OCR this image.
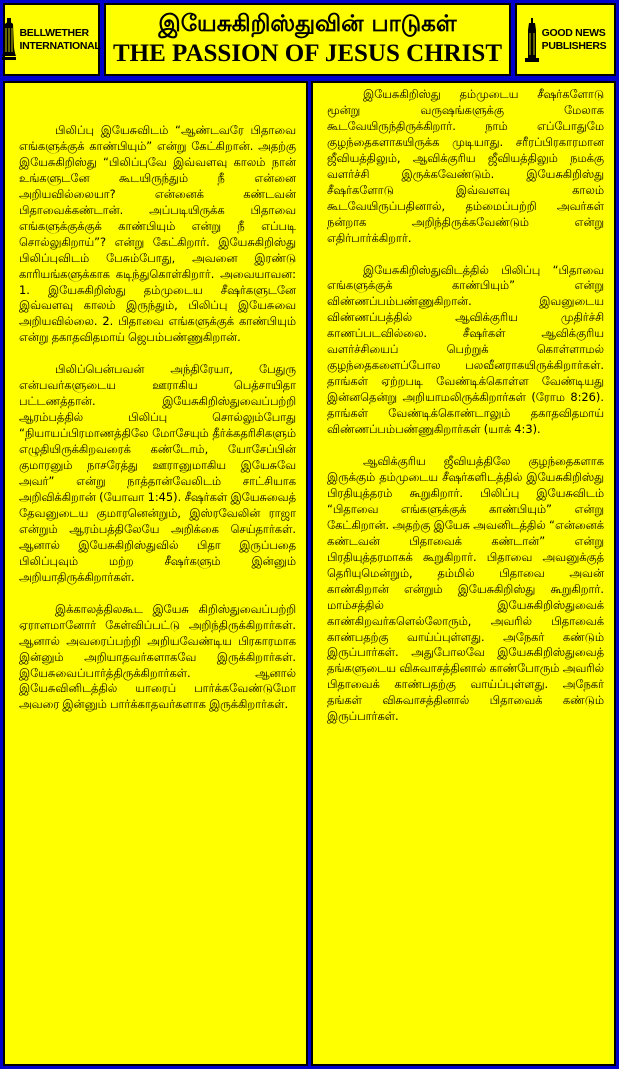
BELLWETHER
INTERNATIONAL
இயேசுகிறிஸ்துவின் பாடுகள்
THE PASSION OF JESUS CHRIST
GOOD NEWS
PUBLISHERS

பிலிப்பு இயேசுவிடம் “ஆண்டவரே பிதாவை எங்களுக்குக் காண்பியும்” என்று கேட்கிறான். அதற்கு இயேசுகிறிஸ்து “பிலிப்புவே இவ்வளவு காலம் நான் உங்களுடனே கூடயிருந்தும் நீ என்னை அறியவில்லையா? என்னைக் கண்டவன் பிதாவைக்கண்டான். அப்படியிருக்க பிதாவை எங்களுக்குக்குக் காண்பியும் என்று நீ எப்படி சொல்லுகிறாய்”? என்று கேட்கிறார். இயேசுகிறிஸ்து பிலிப்புவிடம் பேசும்போது, அவனை இரண்டு காரியங்களுக்காக கடிந்துகொள்கிறார். அவையாவன: 1. இயேசுகிறிஸ்து தம்முடைய சீஷர்களுடனே இவ்வளவு காலம் இருந்தும், பிலிப்பு இயேசுவை அறியவில்லை. 2. பிதாவை எங்களுக்குக் காண்பியும் என்று தகாதவிதமாய் ஜெபம்பண்ணுகிறான்.

பிலிப்பென்பவன் அந்திரேயா, பேதுரு என்பவர்களுடைய ஊராகிய பெத்சாயிதா பட்டணத்தான். இயேசுகிறிஸ்துவைப்பற்றி ஆரம்பத்தில் பிலிப்பு சொல்லும்போது “நியாயப்பிரமாணத்திலே மோசேயும் தீர்க்கதரிசிகளும் எழுதியிருக்கிறவரைக் கண்டோம், யோசேப்பின் குமாரனும் நாசரேத்து ஊரானுமாகிய இயேசுவே அவர்” என்று நாத்தான்வேலிடம் சாட்சியாக அறிவிக்கிறான் (யோவா 1:45). சீஷர்கள் இயேசுவைத் தேவனுடைய குமாரனென்றும், இஸ்ரவேலின் ராஜா என்றும் ஆரம்பத்திலேயே அறிக்கை செய்தார்கள். ஆனால் இயேசுகிறிஸ்துவில் பிதா இருப்பதை பிலிப்புவும் மற்ற சீஷர்களும் இன்னும் அறியாதிருக்கிறார்கள்.

இக்காலத்திலகூட இயேசு கிறிஸ்துவைப்பற்றி ஏராளமானோர் கேள்விப்பட்டு அறிந்திருக்கிறார்கள். ஆனால் அவரைப்பற்றி அறியவேண்டிய பிரகாரமாக இன்னும் அறியாதவர்களாகவே இருக்கிறார்கள். இயேசுவைப்பார்த்திருக்கிறார்கள். ஆனால் இயேசுவினிடத்தில் யாரைப் பார்க்கவேண்டுமோ அவரை இன்னும் பார்க்காதவர்களாக இருக்கிறார்கள்.

இயேசுகிறிஸ்து தம்முடைய சீஷர்களோடு மூன்று வருஷங்களுக்கு மேலாக கூடவேயிருந்திருக்கிறார். நாம் எப்போதுமே குழந்தைகளாகயிருக்க முடியாது. சரீரப்பிரகாரமான ஜீவியத்திலும், ஆவிக்குரிய ஜீவியத்திலும் நமக்கு வளர்ச்சி இருக்கவேண்டும். இயேசுகிறிஸ்து சீஷர்களோடு இவ்வளவு காலம் கூடவேயிருப்பதினால், தம்மைப்பற்றி அவர்கள் நன்றாக அறிந்திருக்கவேண்டும் என்று எதிர்பார்க்கிறார்.

இயேசுகிறிஸ்துவிடத்தில் பிலிப்பு “பிதாவை எங்களுக்குக் காண்பியும்” என்று விண்ணப்பம்பண்ணுகிறான். இவனுடைய விண்ணப்பத்தில் ஆவிக்குரிய முதிர்ச்சி காணப்படவில்லை. சீஷர்கள் ஆவிக்குரிய வளர்ச்சியைப் பெற்றுக் கொள்ளாமல் குழந்தைகளைப்போல பலவீனராகயிருக்கிறார்கள். தாங்கள் ஏற்றபடி வேண்டிக்கொள்ள வேண்டியது இன்னதென்று அறியாமலிருக்கிறார்கள் (ரோம 8:26). தாங்கள் வேண்டிக்கொண்டாலும் தகாதவிதமாய் விண்ணப்பம்பண்ணுகிறார்கள் (யாக் 4:3).

ஆவிக்குரிய ஜீவியத்திலே குழந்தைகளாக இருக்கும் தம்முடைய சீஷர்களிடத்தில் இயேசுகிறிஸ்து பிரதியுத்தரம் கூறுகிறார். பிலிப்பு இயேசுவிடம் “பிதாவை எங்களுக்குக் காண்பியும்” என்று கேட்கிறான். அதற்கு இயேசு அவனிடத்தில் “என்னைக் கண்டவன் பிதாவைக் கண்டான்” என்று பிரதியுத்தரமாகக் கூறுகிறார். பிதாவை அவனுக்குத் தெரியுமென்றும், தம்மில் பிதாவை அவன் காண்கிறான் என்றும் இயேசுகிறிஸ்து கூறுகிறார். மாம்சத்தில் இயேசுகிறிஸ்துவைக் காண்கிறவர்களெல்லோரும், அவரில் பிதாவைக் காண்பதற்கு வாய்ப்புள்ளது. அநேகர் கண்டும் இருப்பார்கள். அதுபோலவே இயேசுகிறிஸ்துவைத் தங்களுடைய விசுவாசத்தினால் காண்போரும் அவரில் பிதாவைக் காண்பதற்கு வாய்ப்புள்ளது. அநேகர் தங்கள் விசுவாசத்தினால் பிதாவைக் கண்டும் இருப்பார்கள்.
